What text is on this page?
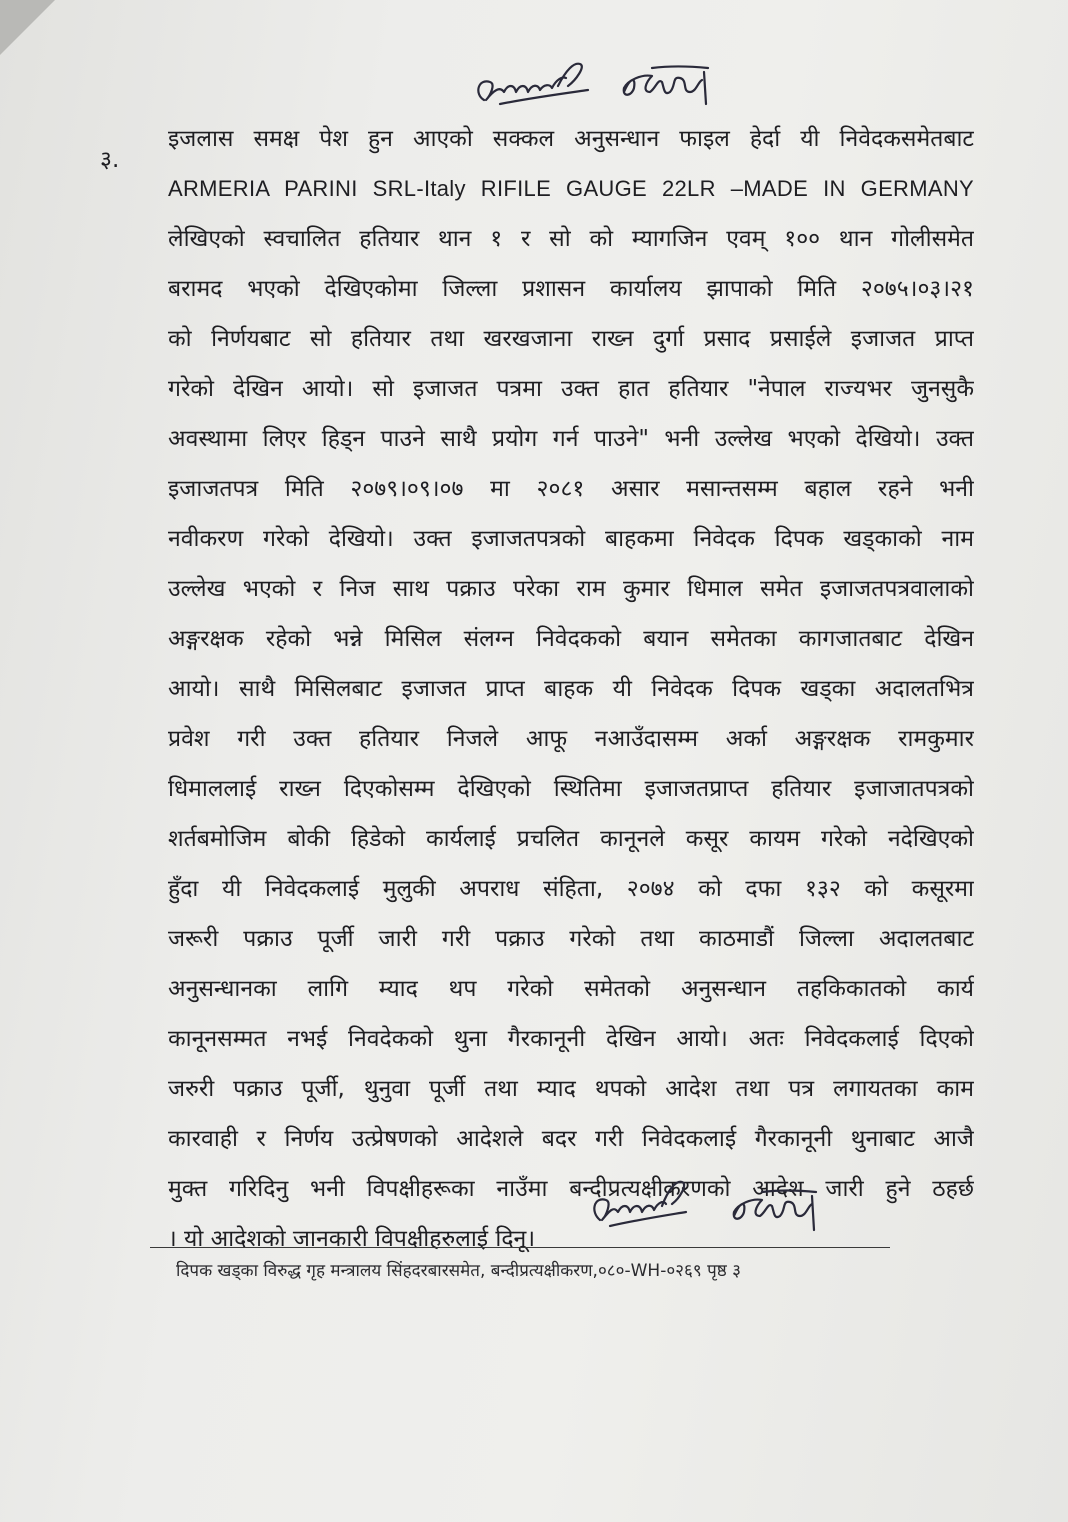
३.
इजलास समक्ष पेश हुन आएको सक्कल अनुसन्धान फाइल हेर्दा यी निवेदकसमेतबाट
ARMERIA PARINI SRL-Italy RIFILE GAUGE 22LR –MADE IN GERMANY
लेखिएको स्वचालित हतियार थान १ र सो को म्यागजिन एवम् १०० थान गोलीसमेत
बरामद भएको देखिएकोमा जिल्ला प्रशासन कार्यालय झापाको मिति २०७५।०३।२१
को निर्णयबाट सो हतियार तथा खरखजाना राख्न दुर्गा प्रसाद प्रसाईले इजाजत प्राप्त
गरेको देखिन आयो। सो इजाजत पत्रमा उक्त हात हतियार "नेपाल राज्यभर जुनसुकै
अवस्थामा लिएर हिड्न पाउने साथै प्रयोग गर्न पाउने" भनी उल्लेख भएको देखियो। उक्त
इजाजतपत्र मिति २०७९।०९।०७ मा २०८१ असार मसान्तसम्म बहाल रहने भनी
नवीकरण गरेको देखियो। उक्त इजाजतपत्रको बाहकमा निवेदक दिपक खड्काको नाम
उल्लेख भएको र निज साथ पक्राउ परेका राम कुमार धिमाल समेत इजाजतपत्रवालाको
अङ्गरक्षक रहेको भन्ने मिसिल संलग्न निवेदकको बयान समेतका कागजातबाट देखिन
आयो। साथै मिसिलबाट इजाजत प्राप्त बाहक यी निवेदक दिपक खड्का अदालतभित्र
प्रवेश गरी उक्त हतियार निजले आफू नआउँदासम्म अर्का अङ्गरक्षक रामकुमार
धिमाललाई राख्न दिएकोसम्म देखिएको स्थितिमा इजाजतप्राप्त हतियार इजाजातपत्रको
शर्तबमोजिम बोकी हिडेको कार्यलाई प्रचलित कानूनले कसूर कायम गरेको नदेखिएको
हुँदा यी निवेदकलाई मुलुकी अपराध संहिता, २०७४ को दफा १३२ को कसूरमा
जरूरी पक्राउ पूर्जी जारी गरी पक्राउ गरेको तथा काठमाडौं जिल्ला अदालतबाट
अनुसन्धानका लागि म्याद थप गरेको समेतको अनुसन्धान तहकिकातको कार्य
कानूनसम्मत नभई निवदेकको थुना गैरकानूनी देखिन आयो। अतः निवेदकलाई दिएको
जरुरी पक्राउ पूर्जी, थुनुवा पूर्जी तथा म्याद थपको आदेश तथा पत्र लगायतका काम
कारवाही र निर्णय उत्प्रेषणको आदेशले बदर गरी निवेदकलाई गैरकानूनी थुनाबाट आजै
मुक्त गरिदिनु भनी विपक्षीहरूका नाउँमा बन्दीप्रत्यक्षीकरणको आदेश जारी हुने ठहर्छ
। यो आदेशको जानकारी विपक्षीहरुलाई दिनू।
दिपक खड्का विरुद्ध गृह मन्त्रालय सिंहदरबारसमेत, बन्दीप्रत्यक्षीकरण,०८०-WH-०२६९ पृष्ठ ३
